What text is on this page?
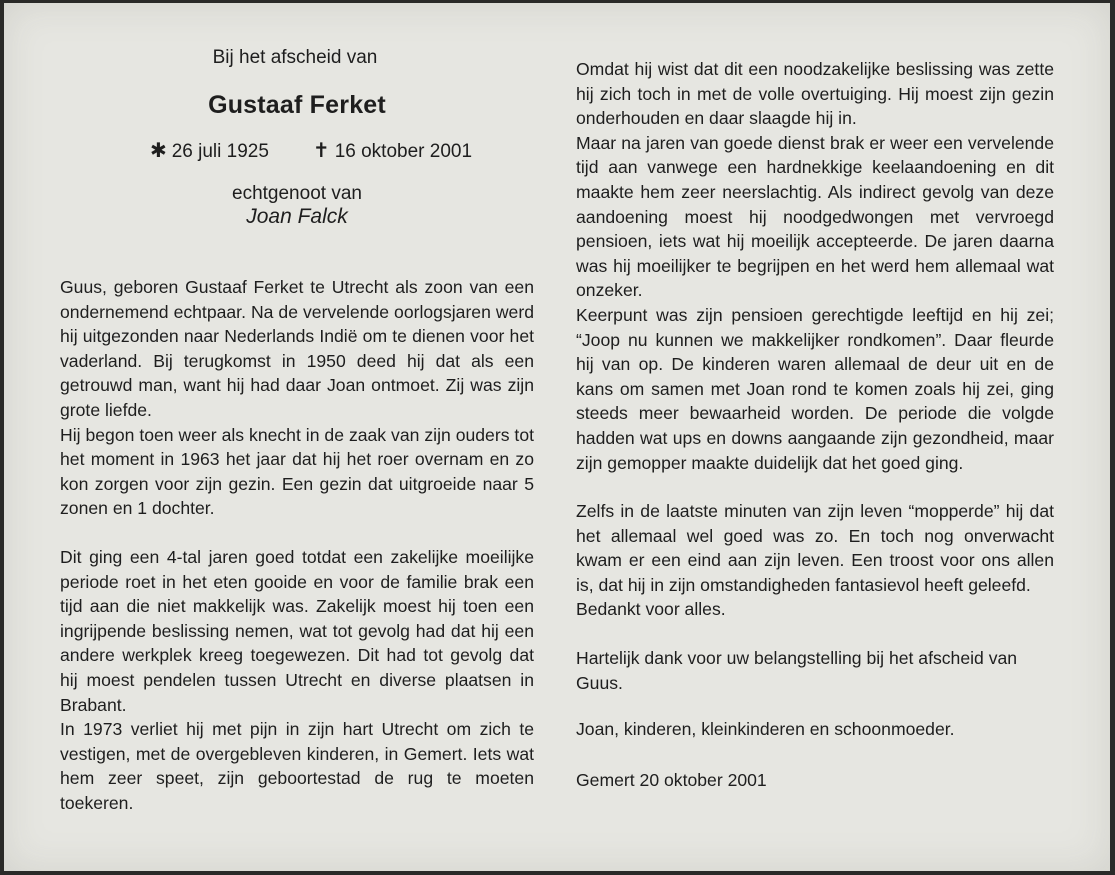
Bij het afscheid van
Gustaaf Ferket
✱ 26 juli 1925 ✝ 16 oktober 2001
echtgenoot van
Joan Falck

Guus, geboren Gustaaf Ferket te Utrecht als zoon van een ondernemend echtpaar. Na de vervelende oorlogsjaren werd hij uitgezonden naar Nederlands Indië om te dienen voor het vaderland. Bij terugkomst in 1950 deed hij dat als een getrouwd man, want hij had daar Joan ontmoet. Zij was zijn grote liefde.

Hij begon toen weer als knecht in de zaak van zijn ouders tot het moment in 1963 het jaar dat hij het roer overnam en zo kon zorgen voor zijn gezin. Een gezin dat uitgroeide naar 5 zonen en 1 dochter.

Dit ging een 4-tal jaren goed totdat een zakelijke moeilijke periode roet in het eten gooide en voor de familie brak een tijd aan die niet makkelijk was. Zakelijk moest hij toen een ingrijpende beslissing nemen, wat tot gevolg had dat hij een andere werkplek kreeg toegewezen. Dit had tot gevolg dat hij moest pendelen tussen Utrecht en diverse plaatsen in Brabant.

In 1973 verliet hij met pijn in zijn hart Utrecht om zich te vestigen, met de overgebleven kinderen, in Gemert. Iets wat hem zeer speet, zijn geboortestad de rug te moeten toekeren.

Omdat hij wist dat dit een noodzakelijke beslissing was zette hij zich toch in met de volle overtuiging. Hij moest zijn gezin onderhouden en daar slaagde hij in.

Maar na jaren van goede dienst brak er weer een vervelende tijd aan vanwege een hardnekkige keelaandoening en dit maakte hem zeer neerslachtig. Als indirect gevolg van deze aandoening moest hij noodgedwongen met vervroegd pensioen, iets wat hij moeilijk accepteerde. De jaren daarna was hij moeilijker te begrijpen en het werd hem allemaal wat onzeker.

Keerpunt was zijn pensioen gerechtigde leeftijd en hij zei; “Joop nu kunnen we makkelijker rondkomen”. Daar fleurde hij van op. De kinderen waren allemaal de deur uit en de kans om samen met Joan rond te komen zoals hij zei, ging steeds meer bewaarheid worden. De periode die volgde hadden wat ups en downs aangaande zijn gezondheid, maar zijn gemopper maakte duidelijk dat het goed ging.

Zelfs in de laatste minuten van zijn leven “mopperde” hij dat het allemaal wel goed was zo. En toch nog onverwacht kwam er een eind aan zijn leven. Een troost voor ons allen is, dat hij in zijn omstandigheden fantasievol heeft geleefd.

Bedankt voor alles.

Hartelijk dank voor uw belangstelling bij het afscheid van Guus.

Joan, kinderen, kleinkinderen en schoonmoeder.

Gemert 20 oktober 2001
